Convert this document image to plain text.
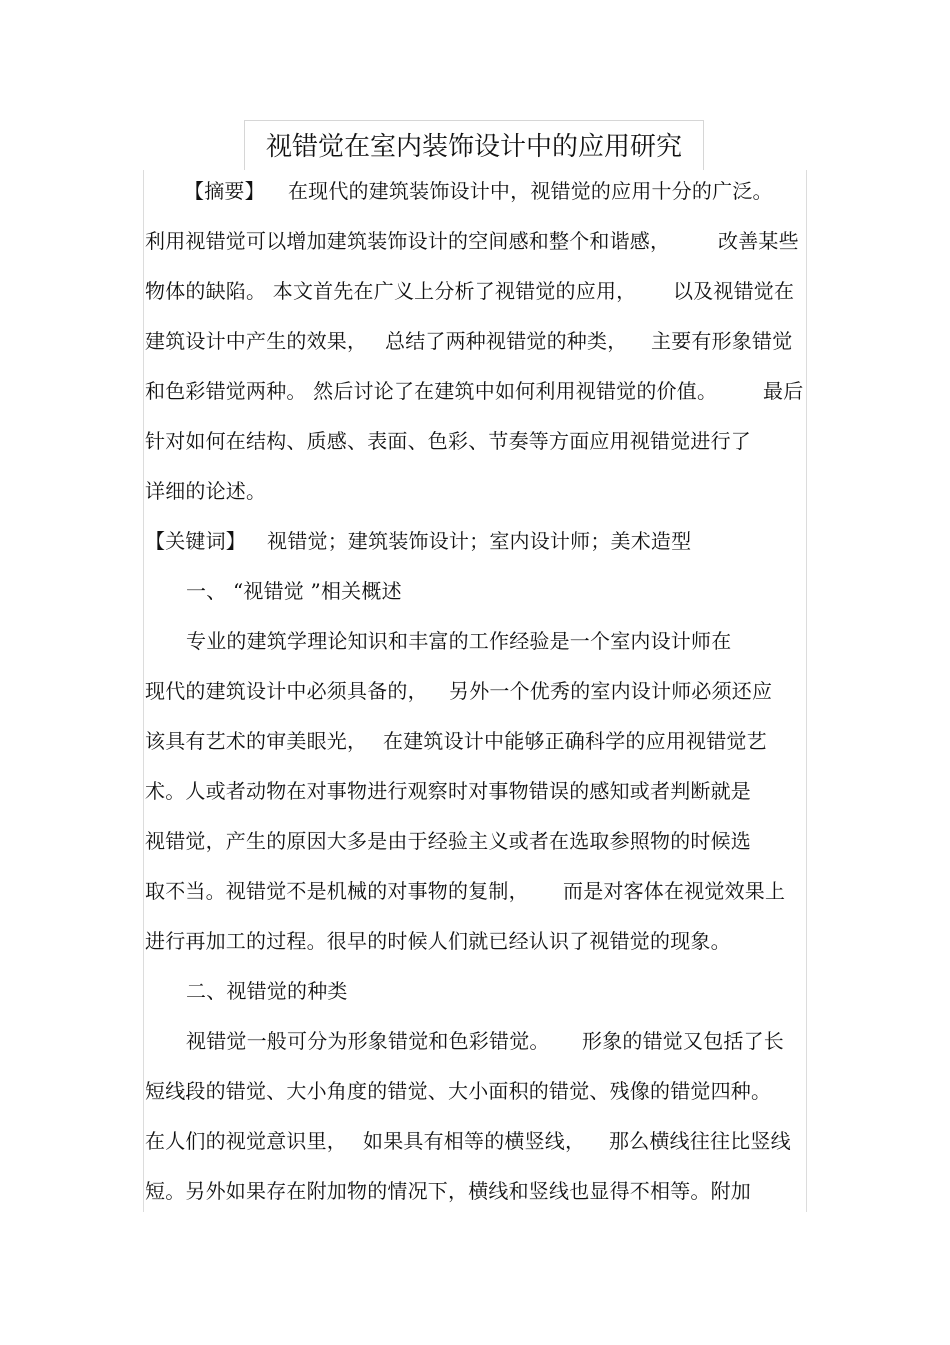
视错觉在室内装饰设计中的应用研究
【摘要】 在现代的建筑装饰设计中，视错觉的应用十分的广泛。
利用视错觉可以增加建筑装饰设计的空间感和整个和谐感， 改善某些
物体的缺陷。 本文首先在广义上分析了视错觉的应用， 以及视错觉在
建筑设计中产生的效果， 总结了两种视错觉的种类， 主要有形象错觉
和色彩错觉两种。 然后讨论了在建筑中如何利用视错觉的价值。 最后
针对如何在结构、质感、表面、色彩、节奏等方面应用视错觉进行了
详细的论述。
【关键词】 视错觉；建筑装饰设计；室内设计师；美术造型
一、 “视错觉 ”相关概述
专业的建筑学理论知识和丰富的工作经验是一个室内设计师在
现代的建筑设计中必须具备的， 另外一个优秀的室内设计师必须还应
该具有艺术的审美眼光， 在建筑设计中能够正确科学的应用视错觉艺
术。人或者动物在对事物进行观察时对事物错误的感知或者判断就是
视错觉，产生的原因大多是由于经验主义或者在选取参照物的时候选
取不当。视错觉不是机械的对事物的复制， 而是对客体在视觉效果上
进行再加工的过程。很早的时候人们就已经认识了视错觉的现象。
二、视错觉的种类
视错觉一般可分为形象错觉和色彩错觉。 形象的错觉又包括了长
短线段的错觉、大小角度的错觉、大小面积的错觉、残像的错觉四种。
在人们的视觉意识里， 如果具有相等的横竖线， 那么横线往往比竖线
短。另外如果存在附加物的情况下，横线和竖线也显得不相等。附加
